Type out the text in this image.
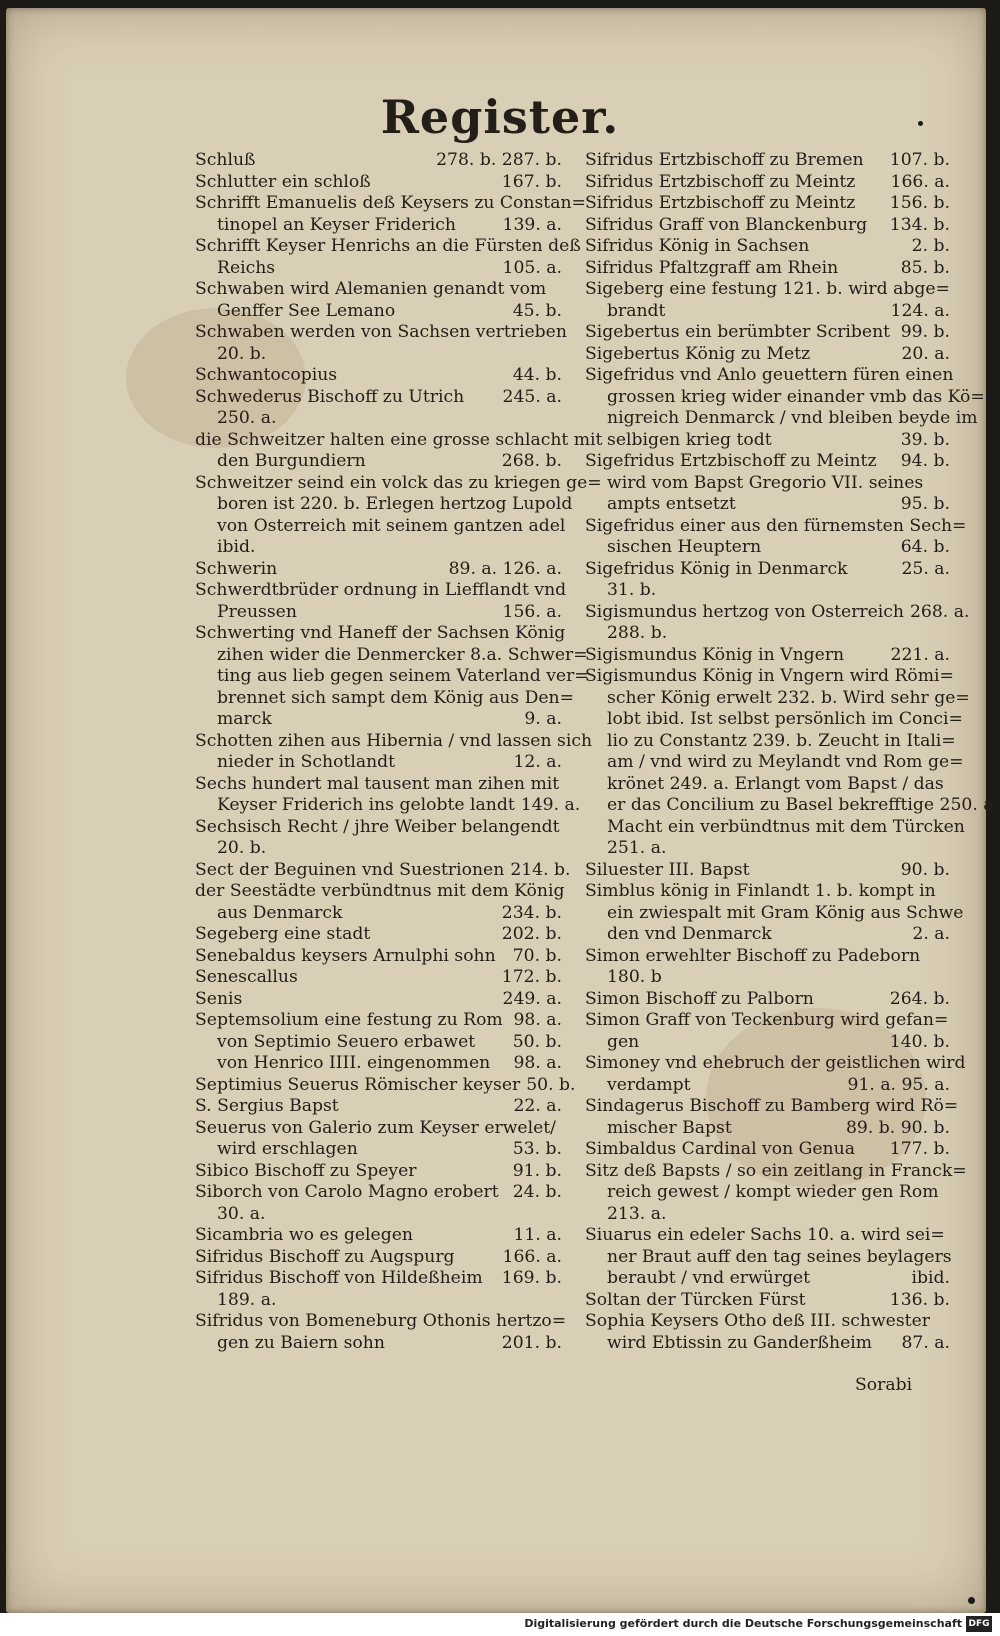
Register.
Schluß	278. b. 287. b.
Schlutter ein schloß	167. b.
Schrifft Emanuelis deß Keysers zu Constan=
tinopel an Keyser Friderich	139. a.
Schrifft Keyser Henrichs an die Fürsten deß
Reichs	105. a.
Schwaben wird Alemanien genandt vom
Genffer See Lemano	45. b.
Schwaben werden von Sachsen vertrieben
20. b.
Schwantocopius	44. b.
Schwederus Bischoff zu Utrich	245. a.
250. a.
die Schweitzer halten eine grosse schlacht mit
den Burgundiern	268. b.
Schweitzer seind ein volck das zu kriegen ge=
boren ist 220. b. Erlegen hertzog Lupold
von Osterreich mit seinem gantzen adel
ibid.
Schwerin	89. a. 126. a.
Schwerdtbrüder ordnung in Liefflandt vnd
Preussen	156. a.
Schwerting vnd Haneff der Sachsen König
zihen wider die Denmercker 8.a. Schwer=
ting aus lieb gegen seinem Vaterland ver=
brennet sich sampt dem König aus Den=
marck	9. a.
Schotten zihen aus Hibernia / vnd lassen sich
nieder in Schotlandt	12. a.
Sechs hundert mal tausent man zihen mit
Keyser Friderich ins gelobte landt 149. a.
Sechsisch Recht / jhre Weiber belangendt
20. b.
Sect der Beguinen vnd Suestrionen 214. b.
der Seestädte verbündtnus mit dem König
aus Denmarck	234. b.
Segeberg eine stadt	202. b.
Senebaldus keysers Arnulphi sohn 70. b.
Senescallus	172. b.
Senis	249. a.
Septemsolium eine festung zu Rom 98. a.
von Septimio Seuero erbawet	50. b.
von Henrico IIII. eingenommen	98. a.
Septimius Seuerus Römischer keyser 50. b.
S. Sergius Bapst	22. a.
Seuerus von Galerio zum Keyser erwelet/
wird erschlagen	53. b.
Sibico Bischoff zu Speyer	91. b.
Siborch von Carolo Magno erobert 24. b.
30. a.
Sicambria wo es gelegen	11. a.
Sifridus Bischoff zu Augspurg	166. a.
Sifridus Bischoff von Hildeßheim	169. b.
189. a.
Sifridus von Bomeneburg Othonis hertzo=
gen zu Baiern sohn	201. b.
Sifridus Ertzbischoff zu Bremen	107. b.
Sifridus Ertzbischoff zu Meintz	166. a.
Sifridus Ertzbischoff zu Meintz	156. b.
Sifridus Graff von Blanckenburg	134. b.
Sifridus König in Sachsen	2. b.
Sifridus Pfaltzgraff am Rhein	85. b.
Sigeberg eine festung 121. b. wird abge=
brandt	124. a.
Sigebertus ein berümbter Scribent 99. b.
Sigebertus König zu Metz	20. a.
Sigefridus vnd Anlo geuettern füren einen
grossen krieg wider einander vmb das Kö=
nigreich Denmarck / vnd bleiben beyde im
selbigen krieg todt	39. b.
Sigefridus Ertzbischoff zu Meintz	94. b.
wird vom Bapst Gregorio VII. seines
ampts entsetzt	95. b.
Sigefridus einer aus den fürnemsten Sech=
sischen Heuptern	64. b.
Sigefridus König in Denmarck	25. a.
31. b.
Sigismundus hertzog von Osterreich 268. a.
288. b.
Sigismundus König in Vngern	221. a.
Sigismundus König in Vngern wird Römi=
scher König erwelt 232. b. Wird sehr ge=
lobt ibid. Ist selbst persönlich im Conci=
lio zu Constantz 239. b. Zeucht in Itali=
am / vnd wird zu Meylandt vnd Rom ge=
krönet 249. a. Erlangt vom Bapst / das
er das Concilium zu Basel bekrefftige 250. a.
Macht ein verbündtnus mit dem Türcken
251. a.
Siluester III. Bapst	90. b.
Simblus könig in Finlandt 1. b. kompt in
ein zwiespalt mit Gram König aus Schwe
den vnd Denmarck	2. a.
Simon erwehlter Bischoff zu Padeborn
180. b
Simon Bischoff zu Palborn	264. b.
Simon Graff von Teckenburg wird gefan=
gen	140. b.
Simoney vnd ehebruch der geistlichen wird
verdampt	91. a. 95. a.
Sindagerus Bischoff zu Bamberg wird Rö=
mischer Bapst	89. b. 90. b.
Simbaldus Cardinal von Genua	177. b.
Sitz deß Bapsts / so ein zeitlang in Franck=
reich gewest / kompt wieder gen Rom
213. a.
Siuarus ein edeler Sachs 10. a. wird sei=
ner Braut auff den tag seines beylagers
beraubt / vnd erwürget	ibid.
Soltan der Türcken Fürst	136. b.
Sophia Keysers Otho deß III. schwester
wird Ebtissin zu Ganderßheim	87. a.
Sorabi
Digitalisierung gefördert durch die Deutsche Forschungsgemeinschaft DFG
